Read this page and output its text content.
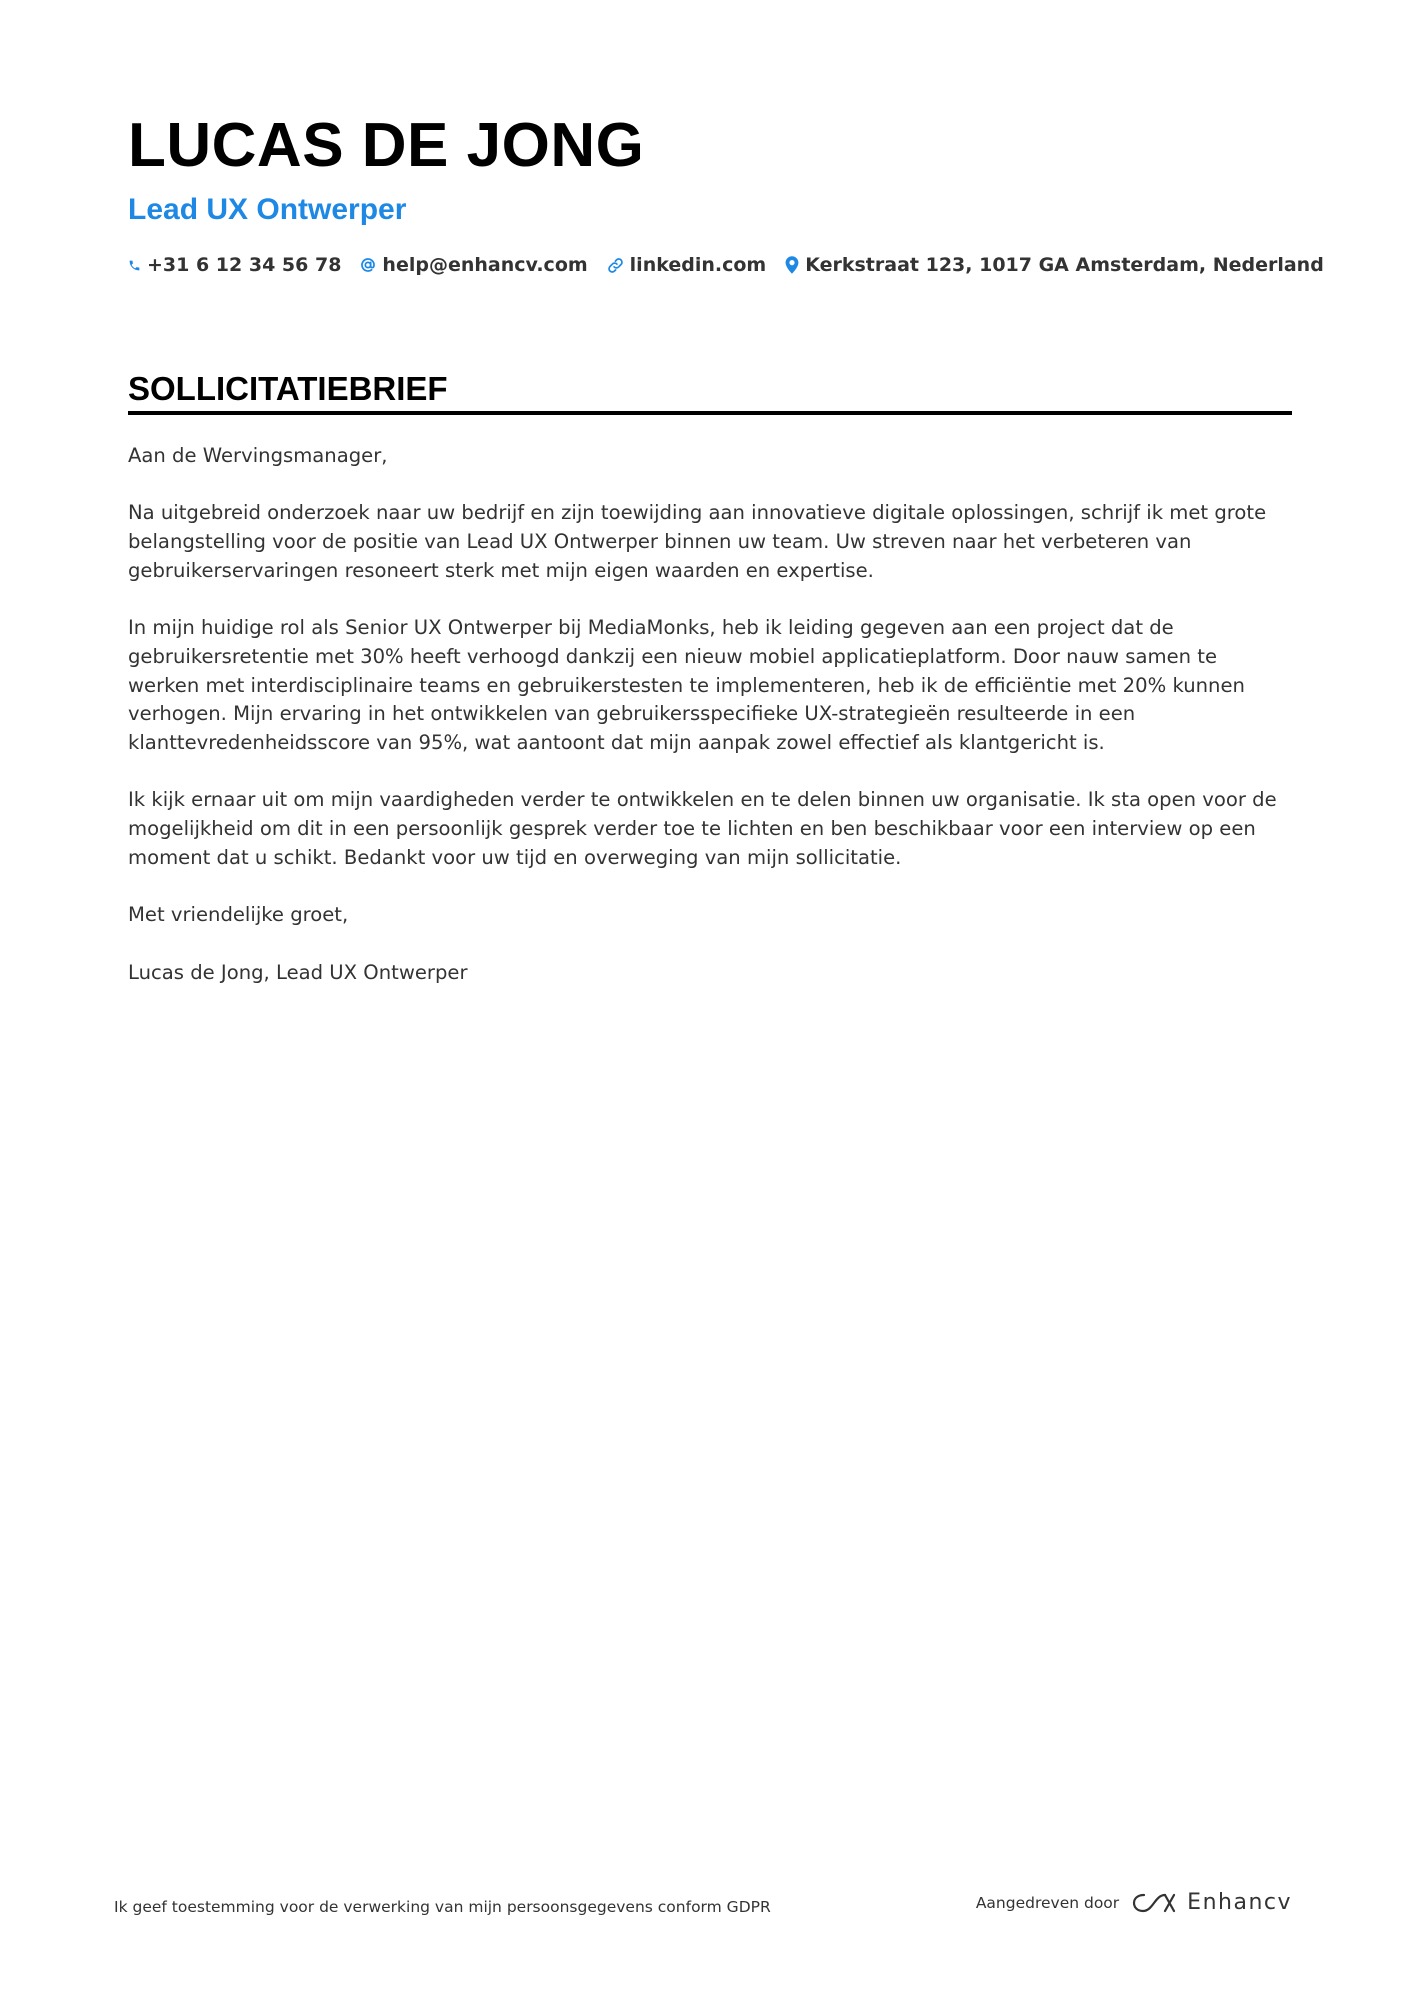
LUCAS DE JONG
Lead UX Ontwerper
+31 6 12 34 56 78 help@enhancv.com linkedin.com Kerkstraat 123, 1017 GA Amsterdam, Nederland
SOLLICITATIEBRIEF

Aan de Wervingsmanager,

Na uitgebreid onderzoek naar uw bedrijf en zijn toewijding aan innovatieve digitale oplossingen, schrijf ik met grote belangstelling voor de positie van Lead UX Ontwerper binnen uw team. Uw streven naar het verbeteren van gebruikerservaringen resoneert sterk met mijn eigen waarden en expertise.

In mijn huidige rol als Senior UX Ontwerper bij MediaMonks, heb ik leiding gegeven aan een project dat de gebruikersretentie met 30% heeft verhoogd dankzij een nieuw mobiel applicatieplatform. Door nauw samen te werken met interdisciplinaire teams en gebruikerstesten te implementeren, heb ik de efficiëntie met 20% kunnen verhogen. Mijn ervaring in het ontwikkelen van gebruikersspecifieke UX-strategieën resulteerde in een klanttevredenheidsscore van 95%, wat aantoont dat mijn aanpak zowel effectief als klantgericht is.

Ik kijk ernaar uit om mijn vaardigheden verder te ontwikkelen en te delen binnen uw organisatie. Ik sta open voor de mogelijkheid om dit in een persoonlijk gesprek verder toe te lichten en ben beschikbaar voor een interview op een moment dat u schikt. Bedankt voor uw tijd en overweging van mijn sollicitatie.

Met vriendelijke groet,

Lucas de Jong, Lead UX Ontwerper

Ik geef toestemming voor de verwerking van mijn persoonsgegevens conform GDPR	Aangedreven door	Enhancv
